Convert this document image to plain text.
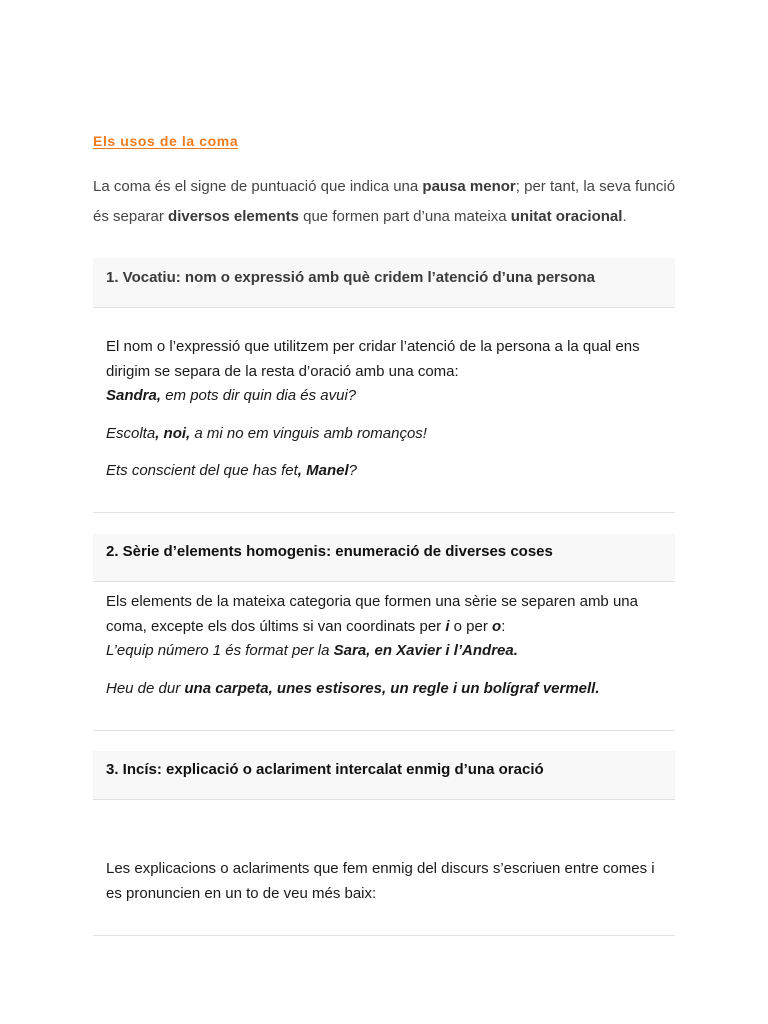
Els usos de la coma
La coma és el signe de puntuació que indica una pausa menor; per tant, la seva funció és separar diversos elements que formen part d’una mateixa unitat oracional.
1. Vocatiu: nom o expressió amb què cridem l’atenció d’una persona

El nom o l’expressió que utilitzem per cridar l’atenció de la persona a la qual ens dirigim se separa de la resta d’oració amb una coma:

Sandra, em pots dir quin dia és avui?

Escolta, noi, a mi no em vinguis amb romanços!

Ets conscient del que has fet, Manel?

2. Sèrie d’elements homogenis: enumeració de diverses coses

Els elements de la mateixa categoria que formen una sèrie se separen amb una coma, excepte els dos últims si van coordinats per i o per o:

L’equip número 1 és format per la Sara, en Xavier i l’Andrea.

Heu de dur una carpeta, unes estisores, un regle i un bolígraf vermell.

3. Incís: explicació o aclariment intercalat enmig d’una oració

Les explicacions o aclariments que fem enmig del discurs s’escriuen entre comes i es pronuncien en un to de veu més baix:
